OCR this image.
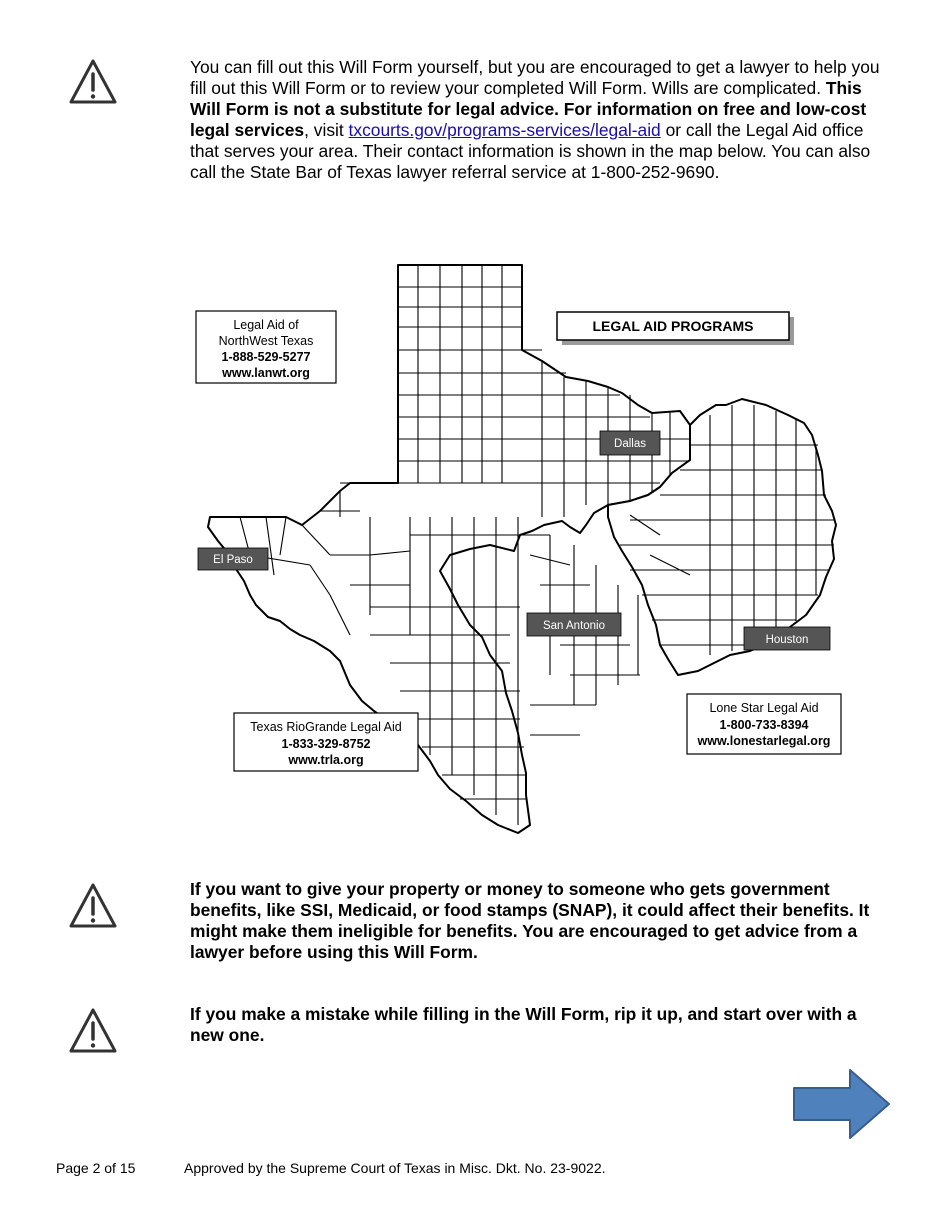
You can fill out this Will Form yourself, but you are encouraged to get a lawyer to help you fill out this Will Form or to review your completed Will Form. Wills are complicated. This Will Form is not a substitute for legal advice. For information on free and low-cost legal services, visit txcourts.gov/programs-services/legal-aid or call the Legal Aid office that serves your area. Their contact information is shown in the map below. You can also call the State Bar of Texas lawyer referral service at 1-800-252-9690.
LEGAL AID PROGRAMS
Legal Aid of
NorthWest Texas
1-888-529-5277
www.lanwt.org
Texas RioGrande Legal Aid
1-833-329-8752
www.trla.org
Lone Star Legal Aid
1-800-733-8394
www.lonestarlegal.org
Dallas
El Paso
San Antonio
Houston
If you want to give your property or money to someone who gets government benefits, like SSI, Medicaid, or food stamps (SNAP), it could affect their benefits. It might make them ineligible for benefits. You are encouraged to get advice from a lawyer before using this Will Form.
If you make a mistake while filling in the Will Form, rip it up, and start over with a new one.
Page 2 of 15	Approved by the Supreme Court of Texas in Misc. Dkt. No. 23-9022.
